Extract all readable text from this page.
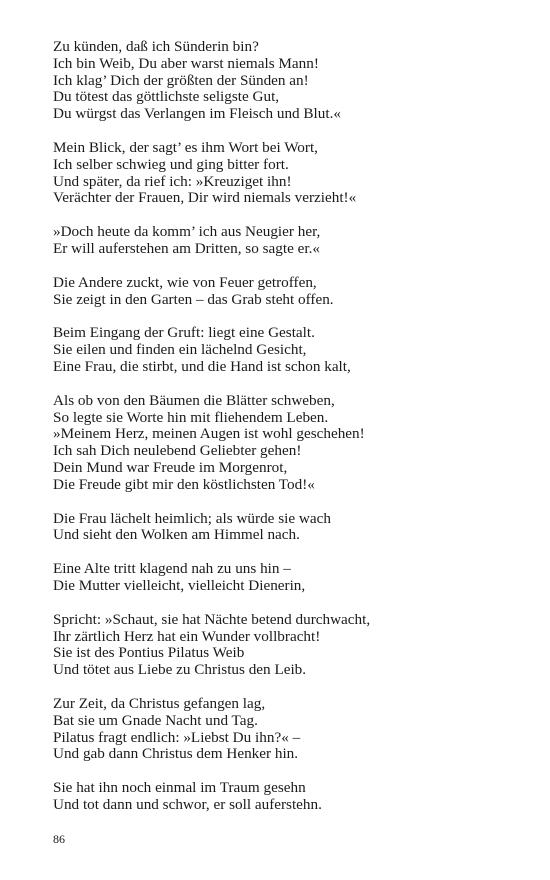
Zu künden, daß ich Sünderin bin?
Ich bin Weib, Du aber warst niemals Mann!
Ich klag’ Dich der größten der Sünden an!
Du tötest das göttlichste seligste Gut,
Du würgst das Verlangen im Fleisch und Blut.«
Mein Blick, der sagt’ es ihm Wort bei Wort,
Ich selber schwieg und ging bitter fort.
Und später, da rief ich: »Kreuziget ihn!
Verächter der Frauen, Dir wird niemals verzieht!«
»Doch heute da komm’ ich aus Neugier her,
Er will auferstehen am Dritten, so sagte er.«
Die Andere zuckt, wie von Feuer getroffen,
Sie zeigt in den Garten – das Grab steht offen.
Beim Eingang der Gruft: liegt eine Gestalt.
Sie eilen und finden ein lächelnd Gesicht,
Eine Frau, die stirbt, und die Hand ist schon kalt,
Als ob von den Bäumen die Blätter schweben,
So legte sie Worte hin mit fliehendem Leben.
»Meinem Herz, meinen Augen ist wohl geschehen!
Ich sah Dich neulebend Geliebter gehen!
Dein Mund war Freude im Morgenrot,
Die Freude gibt mir den köstlichsten Tod!«
Die Frau lächelt heimlich; als würde sie wach
Und sieht den Wolken am Himmel nach.
Eine Alte tritt klagend nah zu uns hin –
Die Mutter vielleicht, vielleicht Dienerin,
Spricht: »Schaut, sie hat Nächte betend durchwacht,
Ihr zärtlich Herz hat ein Wunder vollbracht!
Sie ist des Pontius Pilatus Weib
Und tötet aus Liebe zu Christus den Leib.
Zur Zeit, da Christus gefangen lag,
Bat sie um Gnade Nacht und Tag.
Pilatus fragt endlich: »Liebst Du ihn?« –
Und gab dann Christus dem Henker hin.
Sie hat ihn noch einmal im Traum gesehn
Und tot dann und schwor, er soll auferstehn.
86
